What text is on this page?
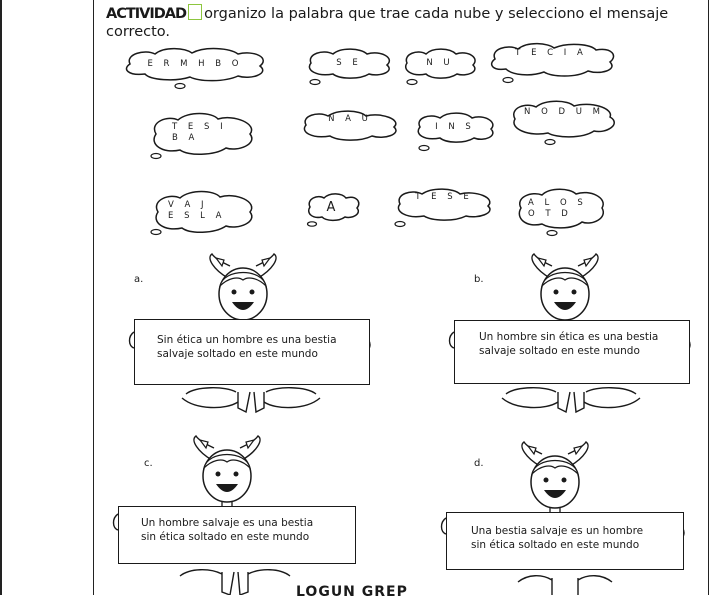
ACTIVIDAD organizo la palabra que trae cada nube y selecciono el mensaje correcto.
E R M H B O	S E	N U
T E C I A
T E S I
B A
N A U
I N S
N O D U M
V A J
E S L A
A
T E S E
A L O S
O T D
a.
Sin ética un hombre es una bestia salvaje soltado en este mundo
b.
Un hombre sin ética es una bestia salvaje soltado en este mundo
c.
Un hombre salvaje es una bestia sin ética soltado en este mundo
d.
Una bestia salvaje es un hombre sin ética soltado en este mundo
LOGUN GREP
